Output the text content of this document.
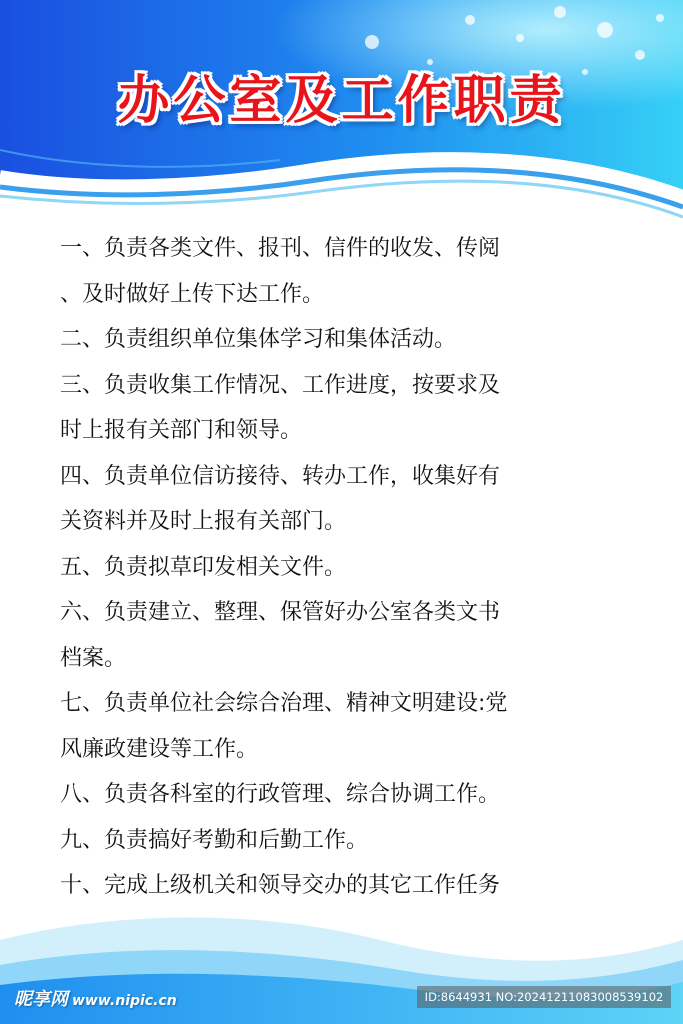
办公室及工作职责

一、负责各类文件、报刊、信件的收发、传阅

、及时做好上传下达工作。

二、负责组织单位集体学习和集体活动。

三、负责收集工作情况、工作进度，按要求及

时上报有关部门和领导。

四、负责单位信访接待、转办工作，收集好有

关资料并及时上报有关部门。

五、负责拟草印发相关文件。

六、负责建立、整理、保管好办公室各类文书

档案。

七、负责单位社会综合治理、精神文明建设:党

风廉政建设等工作。

八、负责各科室的行政管理、综合协调工作。

九、负责搞好考勤和后勤工作。

十、完成上级机关和领导交办的其它工作任务

昵享网 www.nipic.cn	ID:8644931 NO:20241211083008539102
